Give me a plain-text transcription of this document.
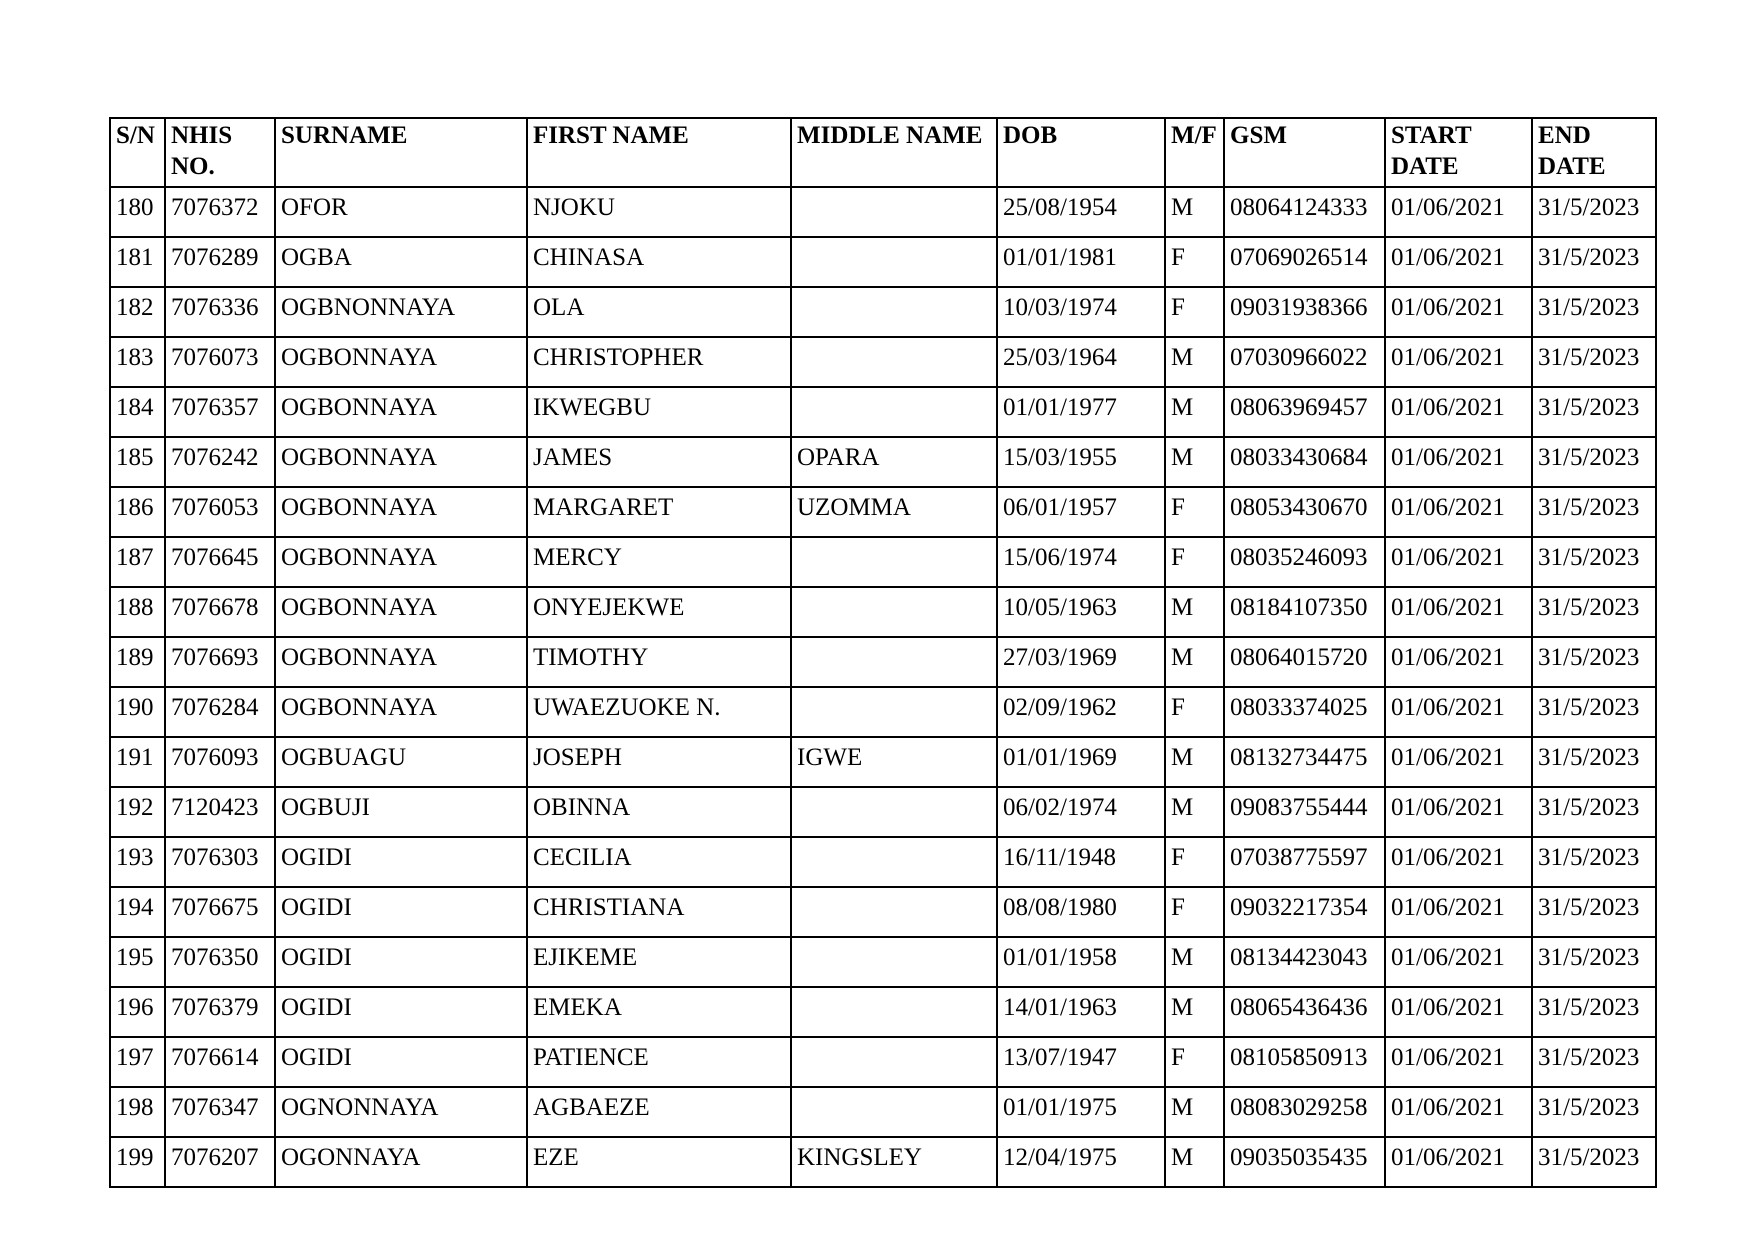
S/N	NHIS NO.	SURNAME	FIRST NAME	MIDDLE NAME	DOB	M/F	GSM	START DATE	END DATE
180	7076372	OFOR	NJOKU		25/08/1954	M	08064124333	01/06/2021	31/5/2023
181	7076289	OGBA	CHINASA		01/01/1981	F	07069026514	01/06/2021	31/5/2023
182	7076336	OGBNONNAYA	OLA		10/03/1974	F	09031938366	01/06/2021	31/5/2023
183	7076073	OGBONNAYA	CHRISTOPHER		25/03/1964	M	07030966022	01/06/2021	31/5/2023
184	7076357	OGBONNAYA	IKWEGBU		01/01/1977	M	08063969457	01/06/2021	31/5/2023
185	7076242	OGBONNAYA	JAMES	OPARA	15/03/1955	M	08033430684	01/06/2021	31/5/2023
186	7076053	OGBONNAYA	MARGARET	UZOMMA	06/01/1957	F	08053430670	01/06/2021	31/5/2023
187	7076645	OGBONNAYA	MERCY		15/06/1974	F	08035246093	01/06/2021	31/5/2023
188	7076678	OGBONNAYA	ONYEJEKWE		10/05/1963	M	08184107350	01/06/2021	31/5/2023
189	7076693	OGBONNAYA	TIMOTHY		27/03/1969	M	08064015720	01/06/2021	31/5/2023
190	7076284	OGBONNAYA	UWAEZUOKE N.		02/09/1962	F	08033374025	01/06/2021	31/5/2023
191	7076093	OGBUAGU	JOSEPH	IGWE	01/01/1969	M	08132734475	01/06/2021	31/5/2023
192	7120423	OGBUJI	OBINNA		06/02/1974	M	09083755444	01/06/2021	31/5/2023
193	7076303	OGIDI	CECILIA		16/11/1948	F	07038775597	01/06/2021	31/5/2023
194	7076675	OGIDI	CHRISTIANA		08/08/1980	F	09032217354	01/06/2021	31/5/2023
195	7076350	OGIDI	EJIKEME		01/01/1958	M	08134423043	01/06/2021	31/5/2023
196	7076379	OGIDI	EMEKA		14/01/1963	M	08065436436	01/06/2021	31/5/2023
197	7076614	OGIDI	PATIENCE		13/07/1947	F	08105850913	01/06/2021	31/5/2023
198	7076347	OGNONNAYA	AGBAEZE		01/01/1975	M	08083029258	01/06/2021	31/5/2023
199	7076207	OGONNAYA	EZE	KINGSLEY	12/04/1975	M	09035035435	01/06/2021	31/5/2023
